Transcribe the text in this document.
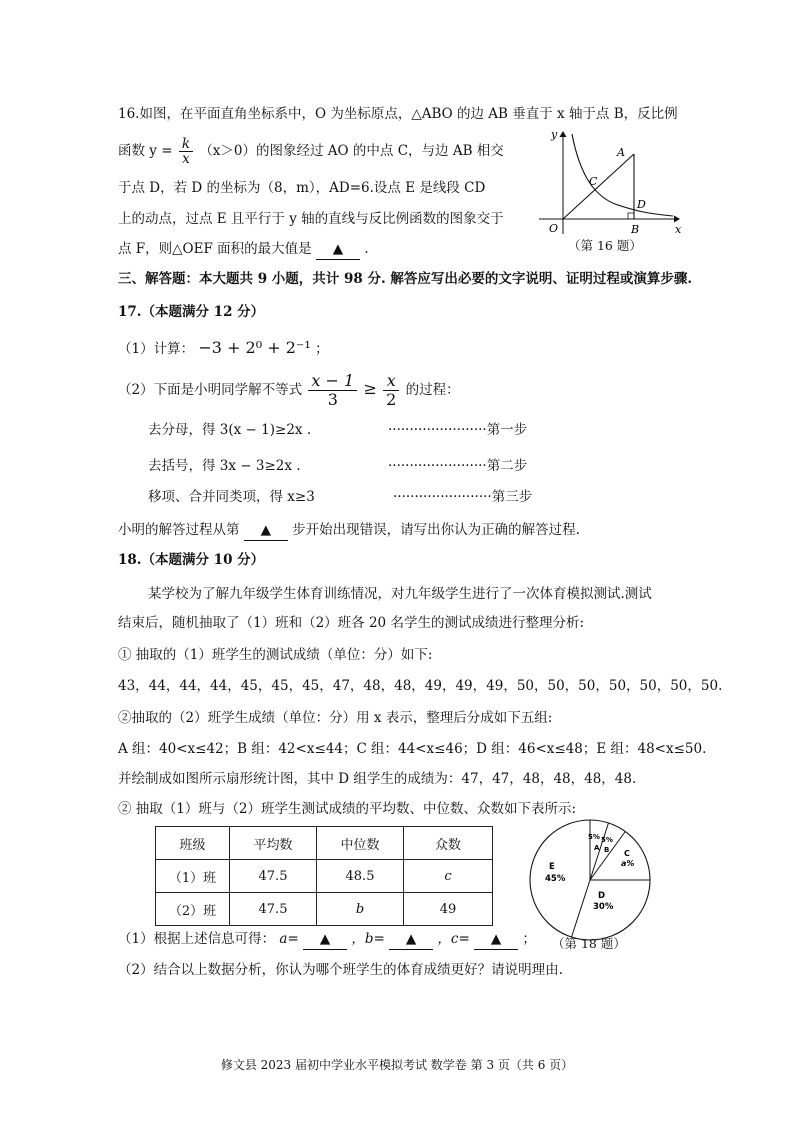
16.如图，在平面直角坐标系中，O 为坐标原点，△ABO 的边 AB 垂直于 x 轴于点 B，反比例
函数 $y = \frac{k}{x} (x>0)$的图象经过 AO 的中点 C，与边 AB 相交
于点 D，若 D 的坐标为（8，m），AD=6.设点 E 是线段 CD
上的动点，过点 E 且平行于 y 轴的直线与反比例函数的图象交于
点 F，则△OEF 面积的最大值是 ▲ .
y
x
O
A
B
C
D
（第 16 题）
三、解答题：本大题共 9 小题，共计 98 分. 解答应写出必要的文字说明、证明过程或演算步骤.
17.（本题满分 12 分）
（1）计算： −3 + 2⁰ + 2⁻¹ ；
（2）下面是小明同学解不等式 $\frac{x - 1}{3} \ge \frac{x}{2}$ 的过程：
去分母，得 3(x − 1)≥2x .	·······················第一步
去括号，得 3x − 3≥2x .	·······················第二步
移项、合并同类项，得 x≥3	·······················第三步
小明的解答过程从第 ▲ 步开始出现错误，请写出你认为正确的解答过程.
18.（本题满分 10 分）
某学校为了解九年级学生体育训练情况，对九年级学生进行了一次体育模拟测试.测试
结束后，随机抽取了（1）班和（2）班各 20 名学生的测试成绩进行整理分析:
① 抽取的（1）班学生的测试成绩（单位：分）如下:
43，44，44，44，45，45，45，47，48，48，49，49，49，50，50，50，50，50，50，50.
②抽取的（2）班学生成绩（单位：分）用 x 表示，整理后分成如下五组:
A 组：40<x≤42；B 组：42<x≤44；C 组：44<x≤46；D 组：46<x≤48；E 组：48<x≤50.
并绘制成如图所示扇形统计图，其中 D 组学生的成绩为：47，47，48，48，48，48.
② 抽取（1）班与（2）班学生测试成绩的平均数、中位数、众数如下表所示:
班级	平均数	中位数	众数
（1）班	47.5	48.5	c
（2）班	47.5	b	49
A
5%
B
5%
C
a%
D
30%
E
45%
（第 18 题）
（1）根据上述信息可得： a= ▲ ，b= ▲ ，c= ▲ ；
（2）结合以上数据分析，你认为哪个班学生的体育成绩更好？请说明理由.
修文县 2023 届初中学业水平模拟考试 数学卷 第 3 页（共 6 页）
